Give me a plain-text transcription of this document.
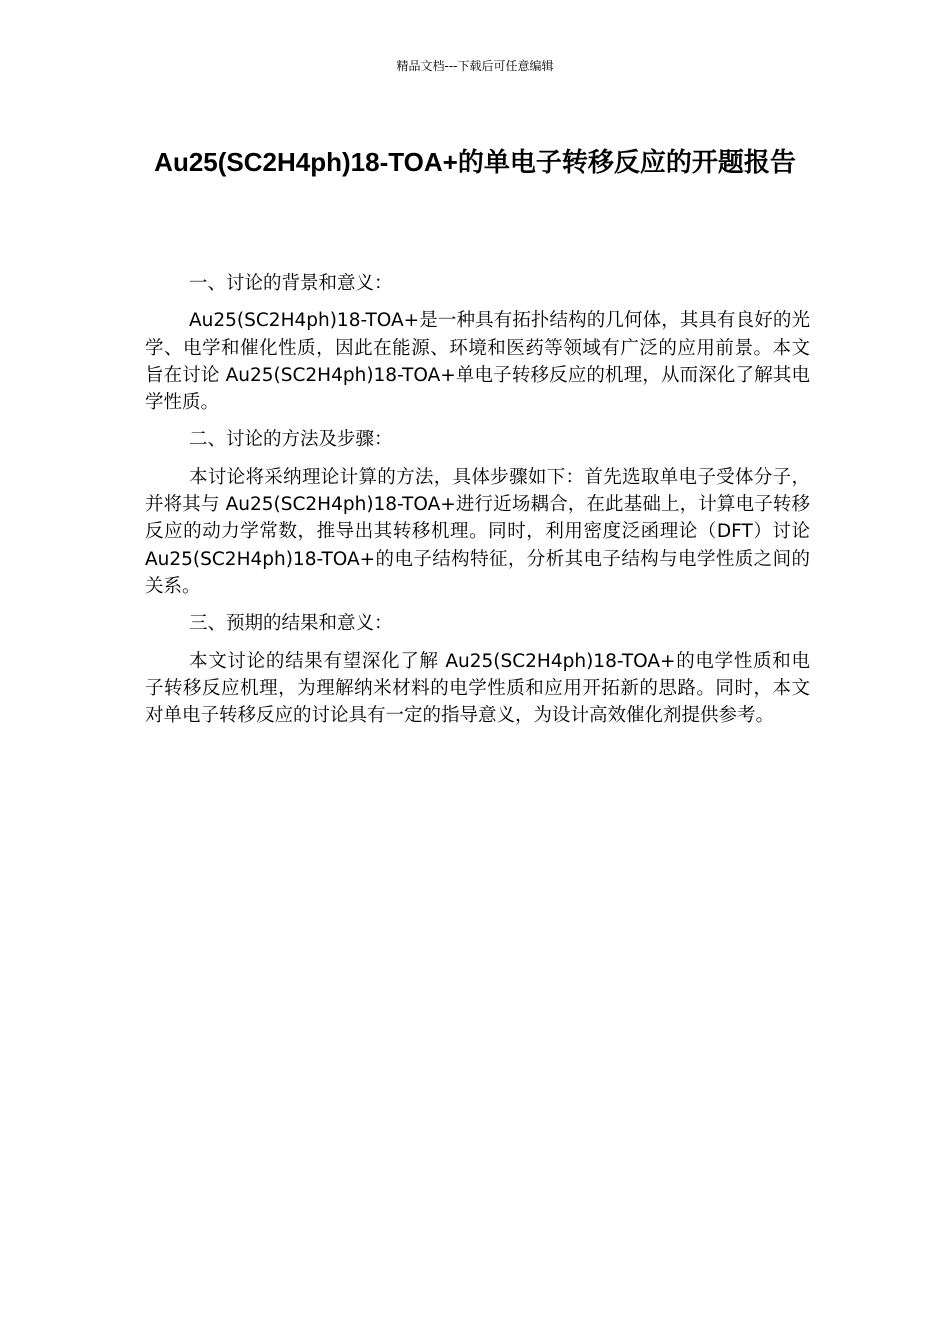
精品文档---下载后可任意编辑
Au25(SC2H4ph)18-TOA+的单电子转移反应的开题报告
一、讨论的背景和意义：

Au25(SC2H4ph)18-TOA+是一种具有拓扑结构的几何体，其具有良好的光学、电学和催化性质，因此在能源、环境和医药等领域有广泛的应用前景。本文旨在讨论 Au25(SC2H4ph)18-TOA+单电子转移反应的机理，从而深化了解其电学性质。

二、讨论的方法及步骤：

本讨论将采纳理论计算的方法，具体步骤如下：首先选取单电子受体分子，并将其与 Au25(SC2H4ph)18-TOA+进行近场耦合，在此基础上，计算电子转移反应的动力学常数，推导出其转移机理。同时，利用密度泛函理论（DFT）讨论 Au25(SC2H4ph)18-TOA+的电子结构特征，分析其电子结构与电学性质之间的关系。

三、预期的结果和意义：

本文讨论的结果有望深化了解 Au25(SC2H4ph)18-TOA+的电学性质和电子转移反应机理，为理解纳米材料的电学性质和应用开拓新的思路。同时，本文对单电子转移反应的讨论具有一定的指导意义，为设计高效催化剂提供参考。
